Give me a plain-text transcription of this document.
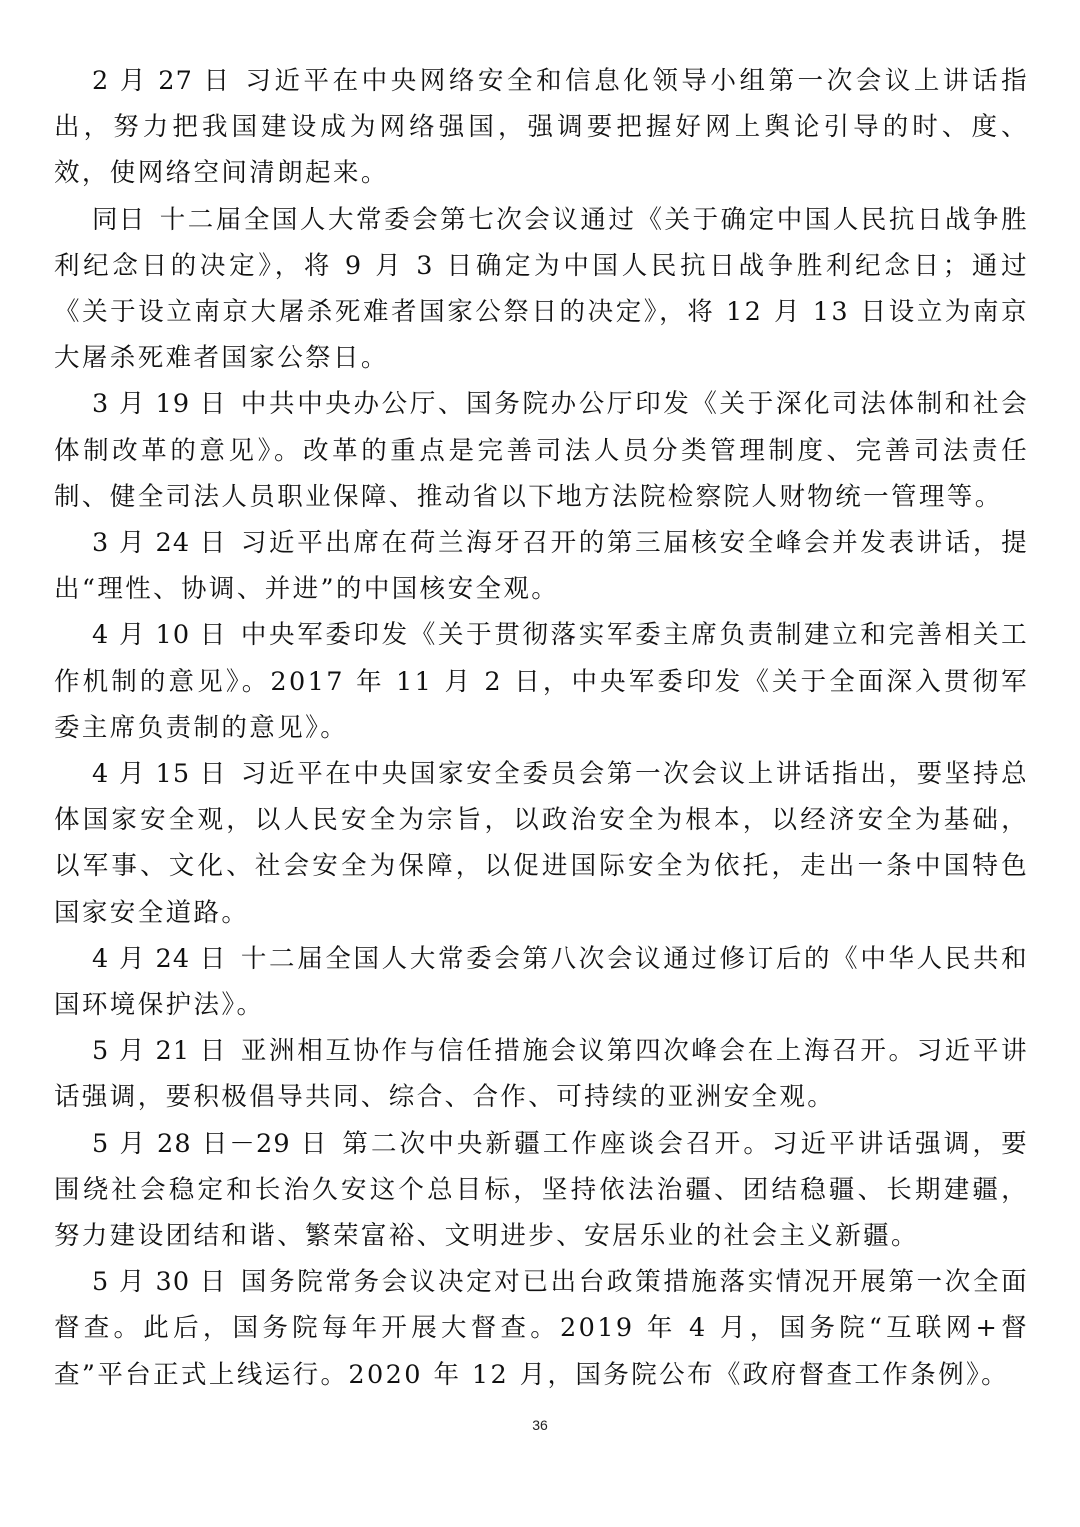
2 月 27 日 习近平在中央网络安全和信息化领导小组第一次会议上讲话指出，努力把我国建设成为网络强国，强调要把握好网上舆论引导的时、度、效，使网络空间清朗起来。

同日 十二届全国人大常委会第七次会议通过《关于确定中国人民抗日战争胜利纪念日的决定》，将 9 月 3 日确定为中国人民抗日战争胜利纪念日；通过《关于设立南京大屠杀死难者国家公祭日的决定》，将 12 月 13 日设立为南京大屠杀死难者国家公祭日。

3 月 19 日 中共中央办公厅、国务院办公厅印发《关于深化司法体制和社会体制改革的意见》。改革的重点是完善司法人员分类管理制度、完善司法责任制、健全司法人员职业保障、推动省以下地方法院检察院人财物统一管理等。

3 月 24 日 习近平出席在荷兰海牙召开的第三届核安全峰会并发表讲话，提出“理性、协调、并进”的中国核安全观。

4 月 10 日 中央军委印发《关于贯彻落实军委主席负责制建立和完善相关工作机制的意见》。2017 年 11 月 2 日，中央军委印发《关于全面深入贯彻军委主席负责制的意见》。

4 月 15 日 习近平在中央国家安全委员会第一次会议上讲话指出，要坚持总体国家安全观，以人民安全为宗旨，以政治安全为根本，以经济安全为基础，以军事、文化、社会安全为保障，以促进国际安全为依托，走出一条中国特色国家安全道路。

4 月 24 日 十二届全国人大常委会第八次会议通过修订后的《中华人民共和国环境保护法》。

5 月 21 日 亚洲相互协作与信任措施会议第四次峰会在上海召开。习近平讲话强调，要积极倡导共同、综合、合作、可持续的亚洲安全观。

5 月 28 日－29 日 第二次中央新疆工作座谈会召开。习近平讲话强调，要围绕社会稳定和长治久安这个总目标，坚持依法治疆、团结稳疆、长期建疆，努力建设团结和谐、繁荣富裕、文明进步、安居乐业的社会主义新疆。

5 月 30 日 国务院常务会议决定对已出台政策措施落实情况开展第一次全面督查。此后，国务院每年开展大督查。2019 年 4 月，国务院“互联网+督查”平台正式上线运行。2020 年 12 月，国务院公布《政府督查工作条例》。

36
